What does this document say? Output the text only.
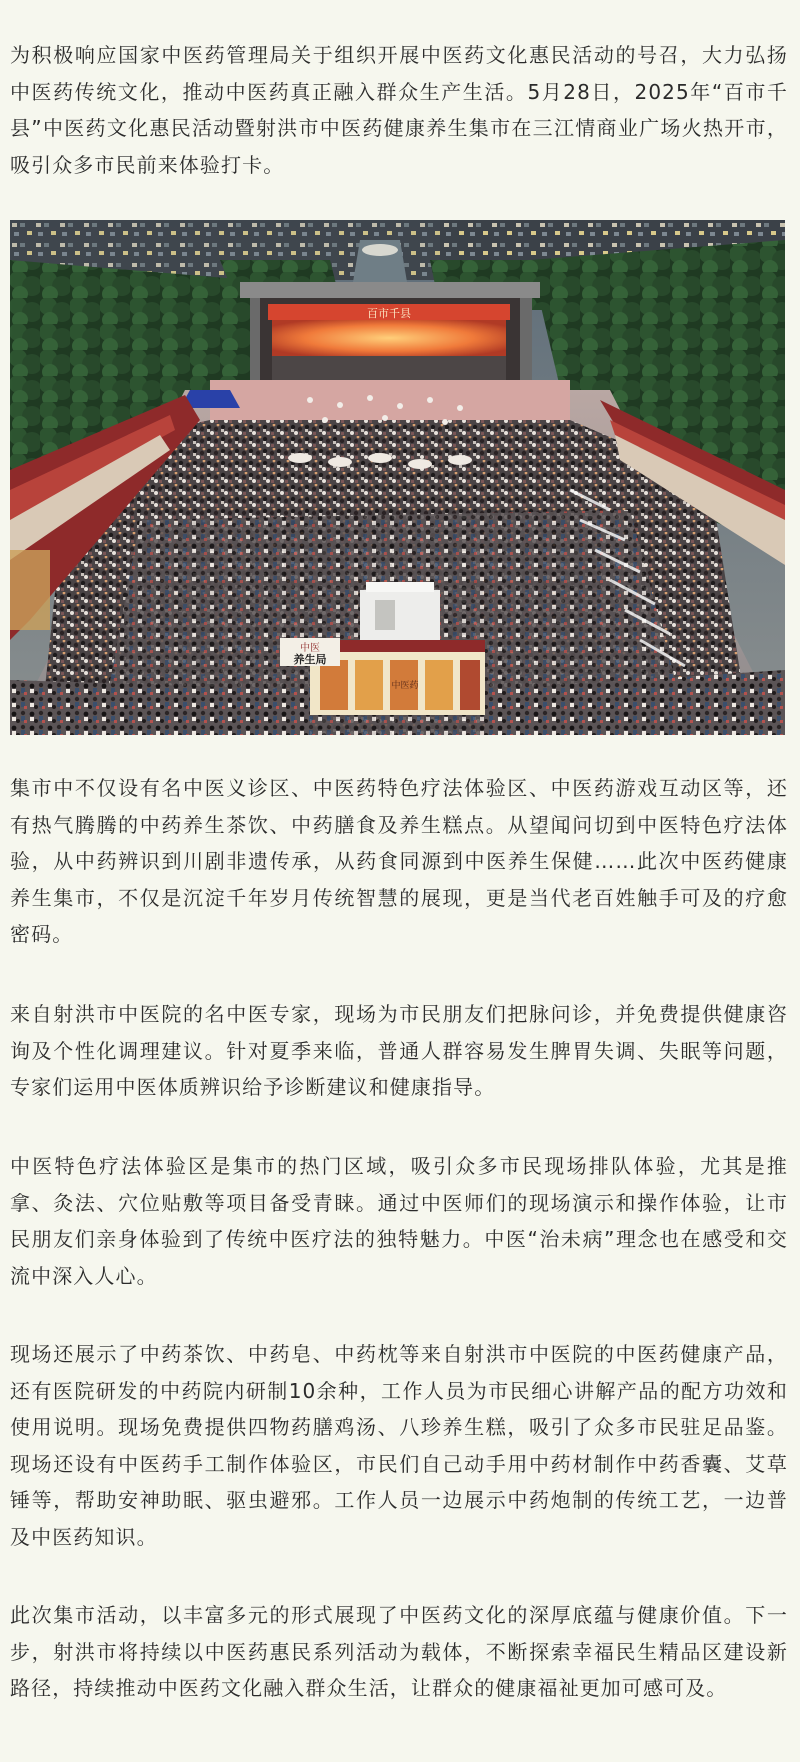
为积极响应国家中医药管理局关于组织开展中医药文化惠民活动的号召，大力弘扬中医药传统文化，推动中医药真正融入群众生产生活。5月28日，2025年“百市千县”中医药文化惠民活动暨射洪市中医药健康养生集市在三江情商业广场火热开市，吸引众多市民前来体验打卡。

百市千县
中医药
中医
养生局

集市中不仅设有名中医义诊区、中医药特色疗法体验区、中医药游戏互动区等，还有热气腾腾的中药养生茶饮、中药膳食及养生糕点。从望闻问切到中医特色疗法体验，从中药辨识到川剧非遗传承，从药食同源到中医养生保健……此次中医药健康养生集市，不仅是沉淀千年岁月传统智慧的展现，更是当代老百姓触手可及的疗愈密码。

来自射洪市中医院的名中医专家，现场为市民朋友们把脉问诊，并免费提供健康咨询及个性化调理建议。针对夏季来临，普通人群容易发生脾胃失调、失眠等问题，专家们运用中医体质辨识给予诊断建议和健康指导。

中医特色疗法体验区是集市的热门区域，吸引众多市民现场排队体验，尤其是推拿、灸法、穴位贴敷等项目备受青睐。通过中医师们的现场演示和操作体验，让市民朋友们亲身体验到了传统中医疗法的独特魅力。中医“治未病”理念也在感受和交流中深入人心。

现场还展示了中药茶饮、中药皂、中药枕等来自射洪市中医院的中医药健康产品，还有医院研发的中药院内研制10余种，工作人员为市民细心讲解产品的配方功效和使用说明。现场免费提供四物药膳鸡汤、八珍养生糕，吸引了众多市民驻足品鉴。现场还设有中医药手工制作体验区，市民们自己动手用中药材制作中药香囊、艾草锤等，帮助安神助眠、驱虫避邪。工作人员一边展示中药炮制的传统工艺，一边普及中医药知识。

此次集市活动，以丰富多元的形式展现了中医药文化的深厚底蕴与健康价值。下一步，射洪市将持续以中医药惠民系列活动为载体，不断探索幸福民生精品区建设新路径，持续推动中医药文化融入群众生活，让群众的健康福祉更加可感可及。
